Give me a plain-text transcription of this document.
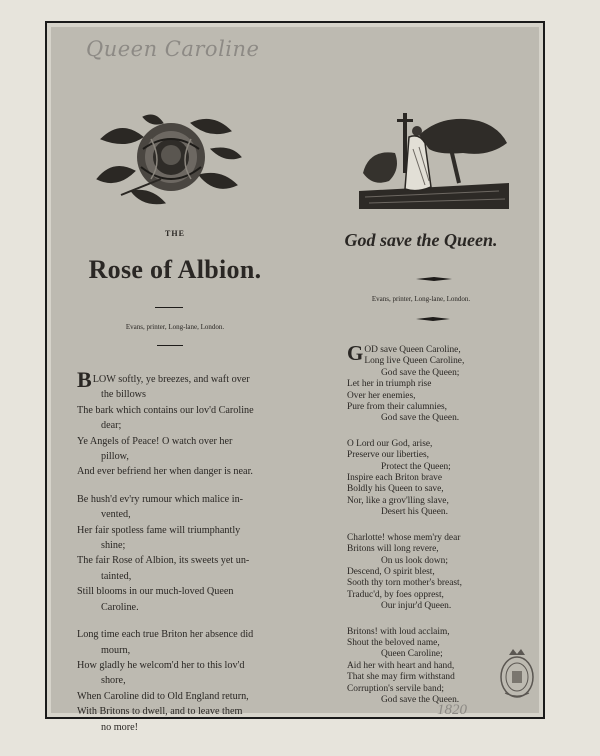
Queen Caroline
1820
THE
Rose of Albion.
Evans, printer, Long-lane, London.
BLOW softly, ye breezes, and waft over
the billows
The bark which contains our lov'd Caroline
dear;
Ye Angels of Peace! O watch over her
pillow,
And ever befriend her when danger is near.
Be hush'd ev'ry rumour which malice in-
vented,
Her fair spotless fame will triumphantly
shine;
The fair Rose of Albion, its sweets yet un-
tainted,
Still blooms in our much-loved Queen
Caroline.
Long time each true Briton her absence did
mourn,
How gladly he welcom'd her to this lov'd
shore,
When Caroline did to Old England return,
With Britons to dwell, and to leave them
no more!
God save the Queen.
Evans, printer, Long-lane, London.
GOD save Queen Caroline,
Long live Queen Caroline,
God save the Queen;
Let her in triumph rise
Over her enemies,
Pure from their calumnies,
God save the Queen.
O Lord our God, arise,
Preserve our liberties,
Protect the Queen;
Inspire each Briton brave
Boldly his Queen to save,
Nor, like a grov'lling slave,
Desert his Queen.
Charlotte! whose mem'ry dear
Britons will long revere,
On us look down;
Descend, O spirit blest,
Sooth thy torn mother's breast,
Traduc'd, by foes opprest,
Our injur'd Queen.
Britons! with loud acclaim,
Shout the beloved name,
Queen Caroline;
Aid her with heart and hand,
That she may firm withstand
Corruption's servile band;
God save the Queen.
